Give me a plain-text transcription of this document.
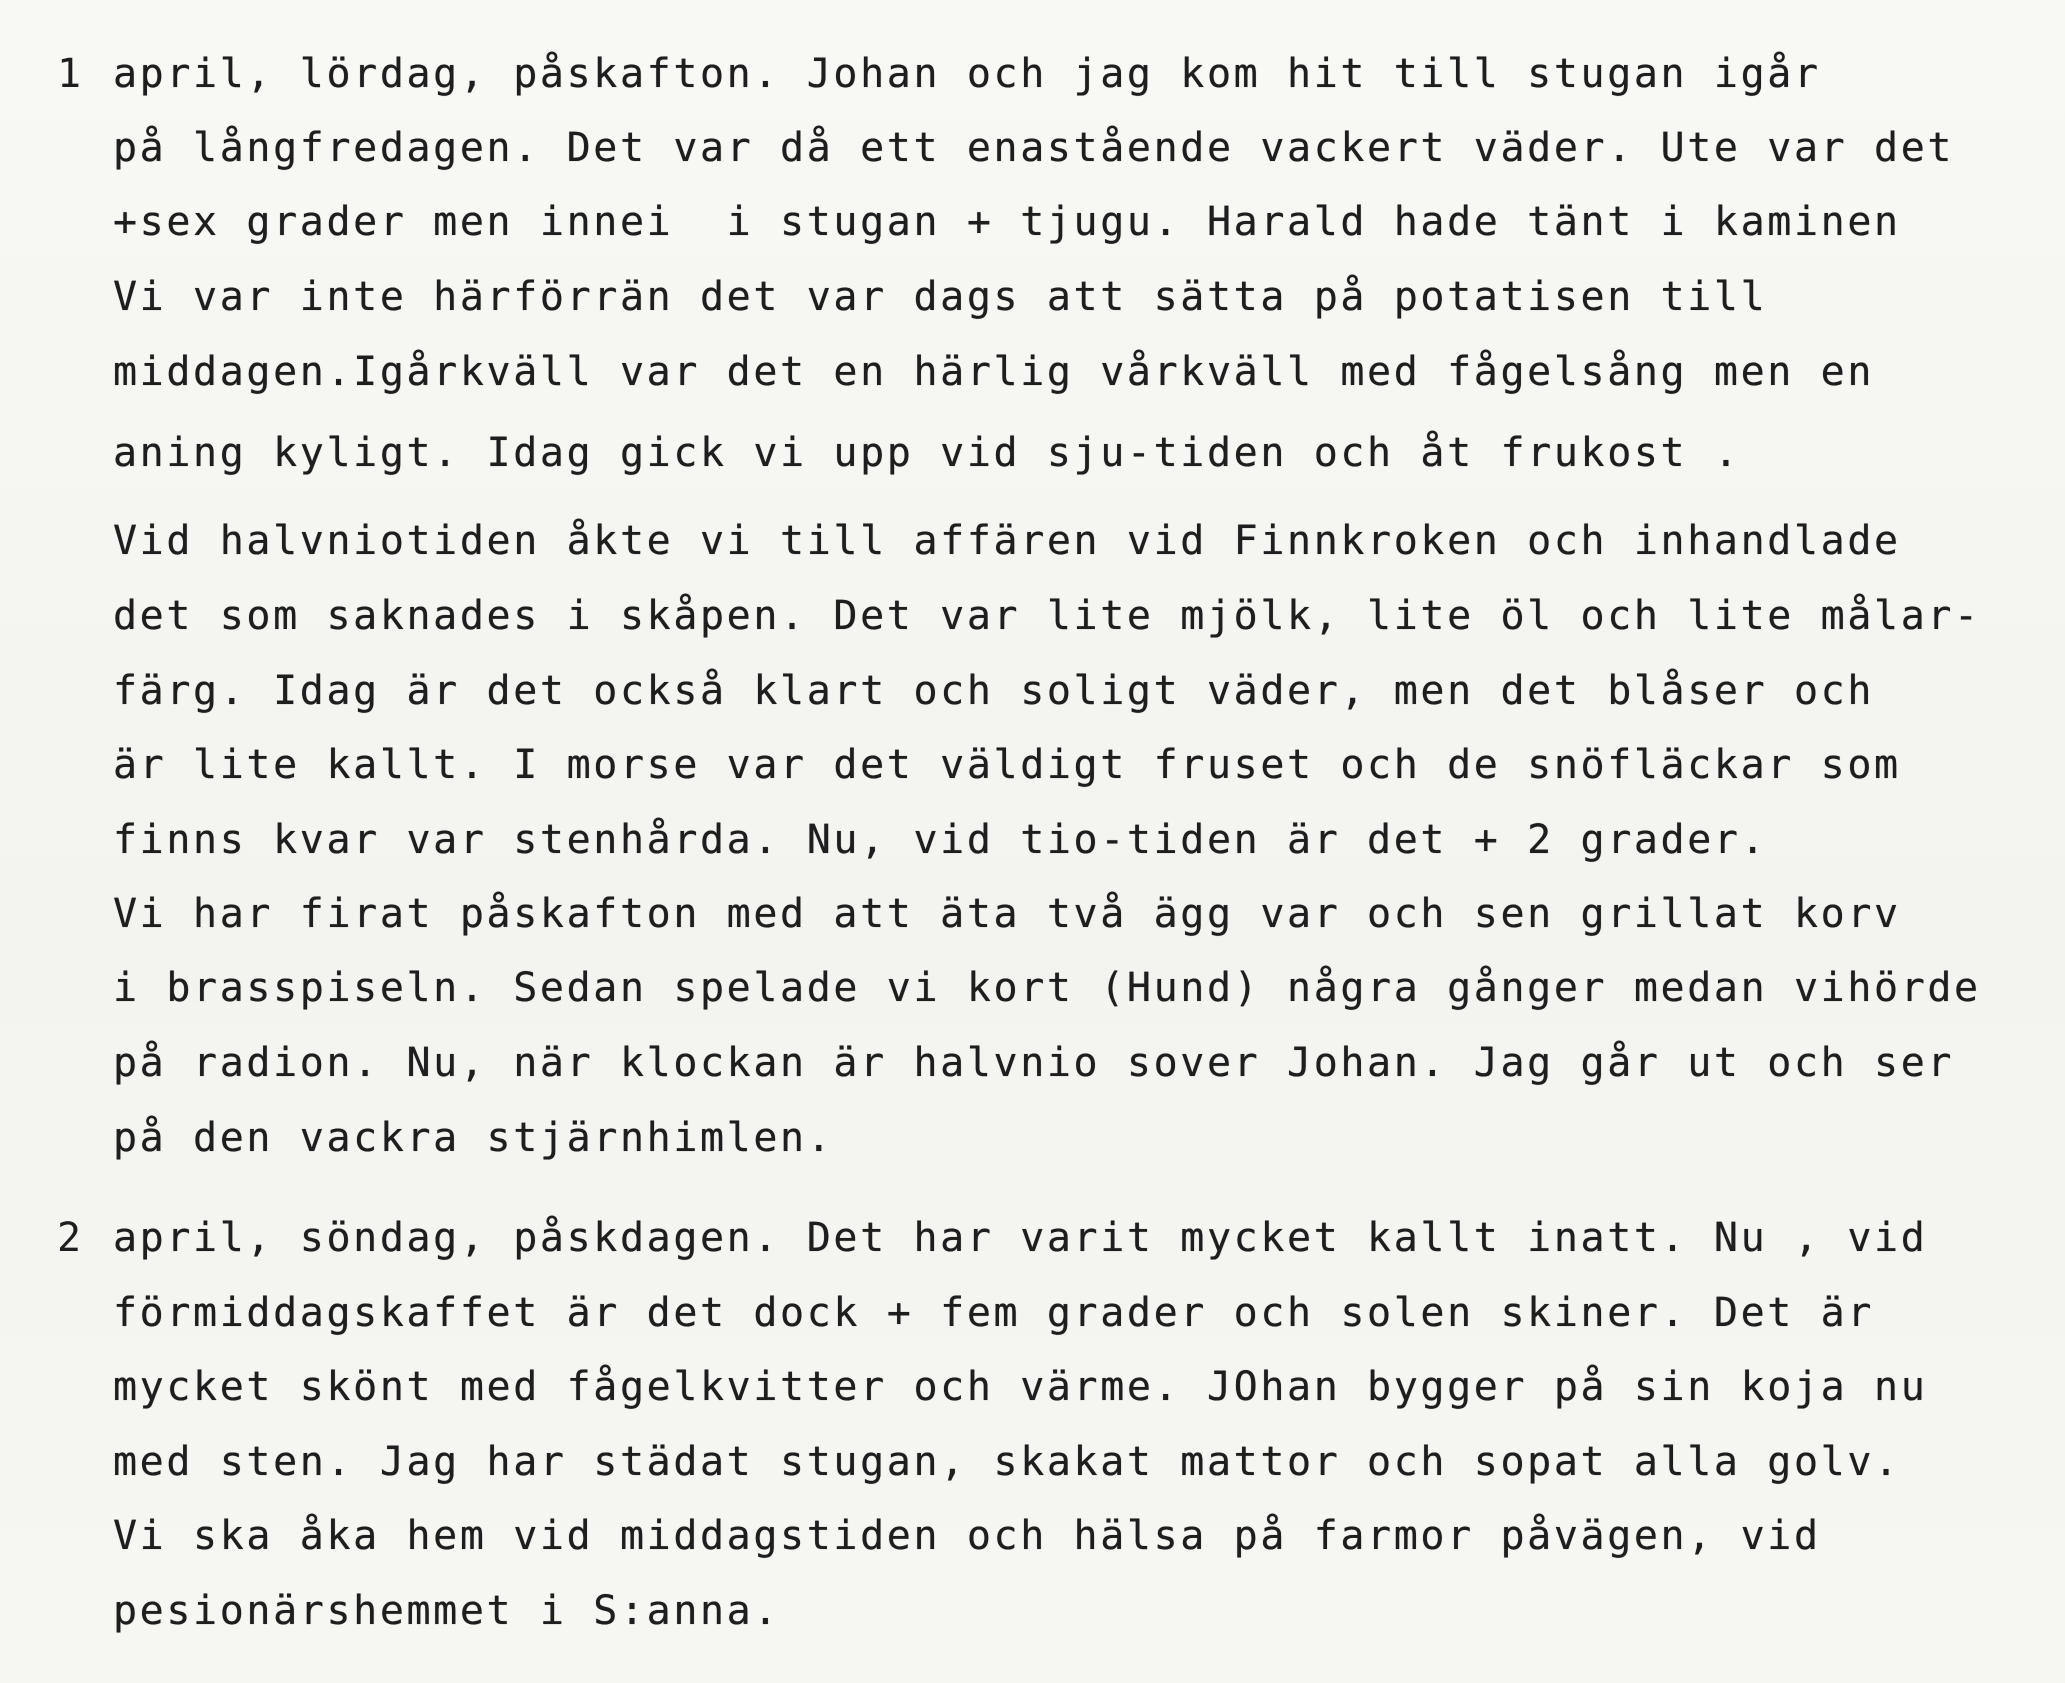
1 april, lördag, påskafton. Johan och jag kom hit till stugan igår
på långfredagen. Det var då ett enastående vackert väder. Ute var det
+sex grader men innei  i stugan + tjugu. Harald hade tänt i kaminen
Vi var inte härförrän det var dags att sätta på potatisen till
middagen.Igårkväll var det en härlig vårkväll med fågelsång men en
aning kyligt. Idag gick vi upp vid sju-tiden och åt frukost .
Vid halvniotiden åkte vi till affären vid Finnkroken och inhandlade
det som saknades i skåpen. Det var lite mjölk, lite öl och lite målar-
färg. Idag är det också klart och soligt väder, men det blåser och
är lite kallt. I morse var det väldigt fruset och de snöfläckar som
finns kvar var stenhårda. Nu, vid tio-tiden är det + 2 grader.
Vi har firat påskafton med att äta två ägg var och sen grillat korv
i brasspiseln. Sedan spelade vi kort (Hund) några gånger medan vihörde
på radion. Nu, när klockan är halvnio sover Johan. Jag går ut och ser
på den vackra stjärnhimlen.
2 april, söndag, påskdagen. Det har varit mycket kallt inatt. Nu , vid
förmiddagskaffet är det dock + fem grader och solen skiner. Det är
mycket skönt med fågelkvitter och värme. JOhan bygger på sin koja nu
med sten. Jag har städat stugan, skakat mattor och sopat alla golv.
Vi ska åka hem vid middagstiden och hälsa på farmor påvägen, vid
pesionärshemmet i S:anna.
